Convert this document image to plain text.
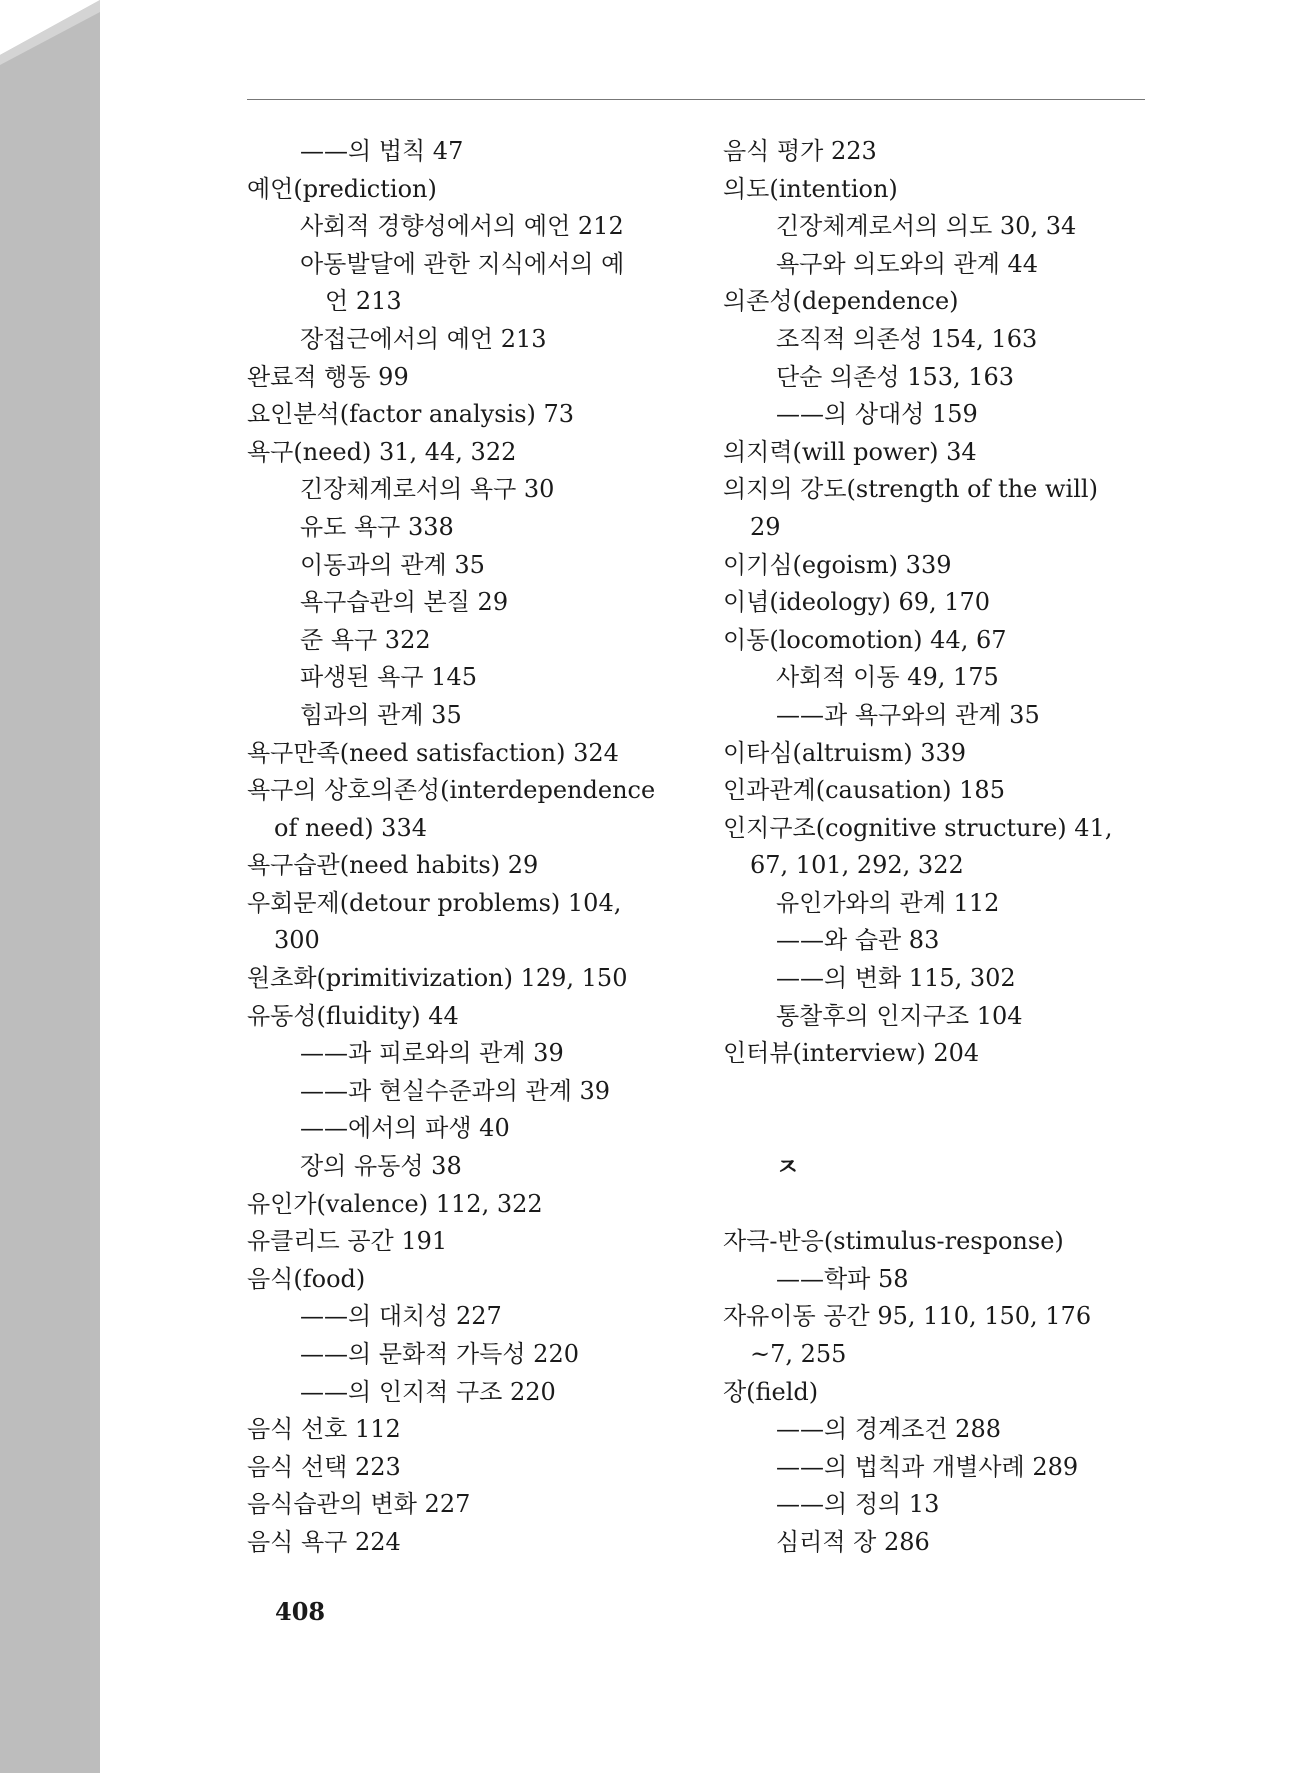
——의 법칙 47
예언(prediction)
사회적 경향성에서의 예언 212
아동발달에 관한 지식에서의 예
언 213
장접근에서의 예언 213
완료적 행동 99
요인분석(factor analysis) 73
욕구(need) 31, 44, 322
긴장체계로서의 욕구 30
유도 욕구 338
이동과의 관계 35
욕구습관의 본질 29
준 욕구 322
파생된 욕구 145
힘과의 관계 35
욕구만족(need satisfaction) 324
욕구의 상호의존성(interdependence
of need) 334
욕구습관(need habits) 29
우회문제(detour problems) 104,
300
원초화(primitivization) 129, 150
유동성(fluidity) 44
——과 피로와의 관계 39
——과 현실수준과의 관계 39
——에서의 파생 40
장의 유동성 38
유인가(valence) 112, 322
유클리드 공간 191
음식(food)
——의 대치성 227
——의 문화적 가득성 220
——의 인지적 구조 220
음식 선호 112
음식 선택 223
음식습관의 변화 227
음식 욕구 224
음식 평가 223
의도(intention)
긴장체계로서의 의도 30, 34
욕구와 의도와의 관계 44
의존성(dependence)
조직적 의존성 154, 163
단순 의존성 153, 163
——의 상대성 159
의지력(will power) 34
의지의 강도(strength of the will)
29
이기심(egoism) 339
이념(ideology) 69, 170
이동(locomotion) 44, 67
사회적 이동 49, 175
——과 욕구와의 관계 35
이타심(altruism) 339
인과관계(causation) 185
인지구조(cognitive structure) 41,
67, 101, 292, 322
유인가와의 관계 112
——와 습관 83
——의 변화 115, 302
통찰후의 인지구조 104
인터뷰(interview) 204
ㅈ
자극-반응(stimulus-response)
——학파 58
자유이동 공간 95, 110, 150, 176
~7, 255
장(field)
——의 경계조건 288
——의 법칙과 개별사례 289
——의 정의 13
심리적 장 286
408
